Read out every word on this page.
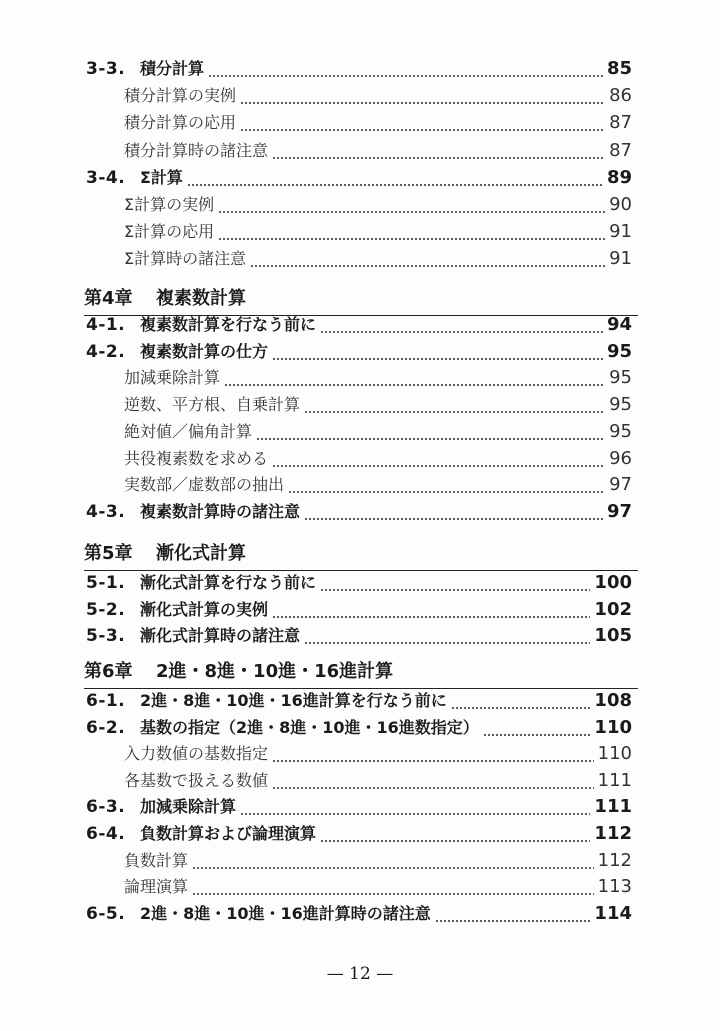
3-3. 積分計算	85
積分計算の実例	86
積分計算の応用	87
積分計算時の諸注意	87
3-4. Σ計算	89
Σ計算の実例	90
Σ計算の応用	91
Σ計算時の諸注意	91
第4章 複素数計算
4-1. 複素数計算を行なう前に	94
4-2. 複素数計算の仕方	95
加減乗除計算	95
逆数、平方根、自乗計算	95
絶対値／偏角計算	95
共役複素数を求める	96
実数部／虚数部の抽出	97
4-3. 複素数計算時の諸注意	97
第5章 漸化式計算
5-1. 漸化式計算を行なう前に	100
5-2. 漸化式計算の実例	102
5-3. 漸化式計算時の諸注意	105
第6章 2進・8進・10進・16進計算
6-1. 2進・8進・10進・16進計算を行なう前に	108
6-2. 基数の指定（2進・8進・10進・16進数指定）	110
入力数値の基数指定	110
各基数で扱える数値	111
6-3. 加減乗除計算	111
6-4. 負数計算および論理演算	112
負数計算	112
論理演算	113
6-5. 2進・8進・10進・16進計算時の諸注意	114
— 12 —
